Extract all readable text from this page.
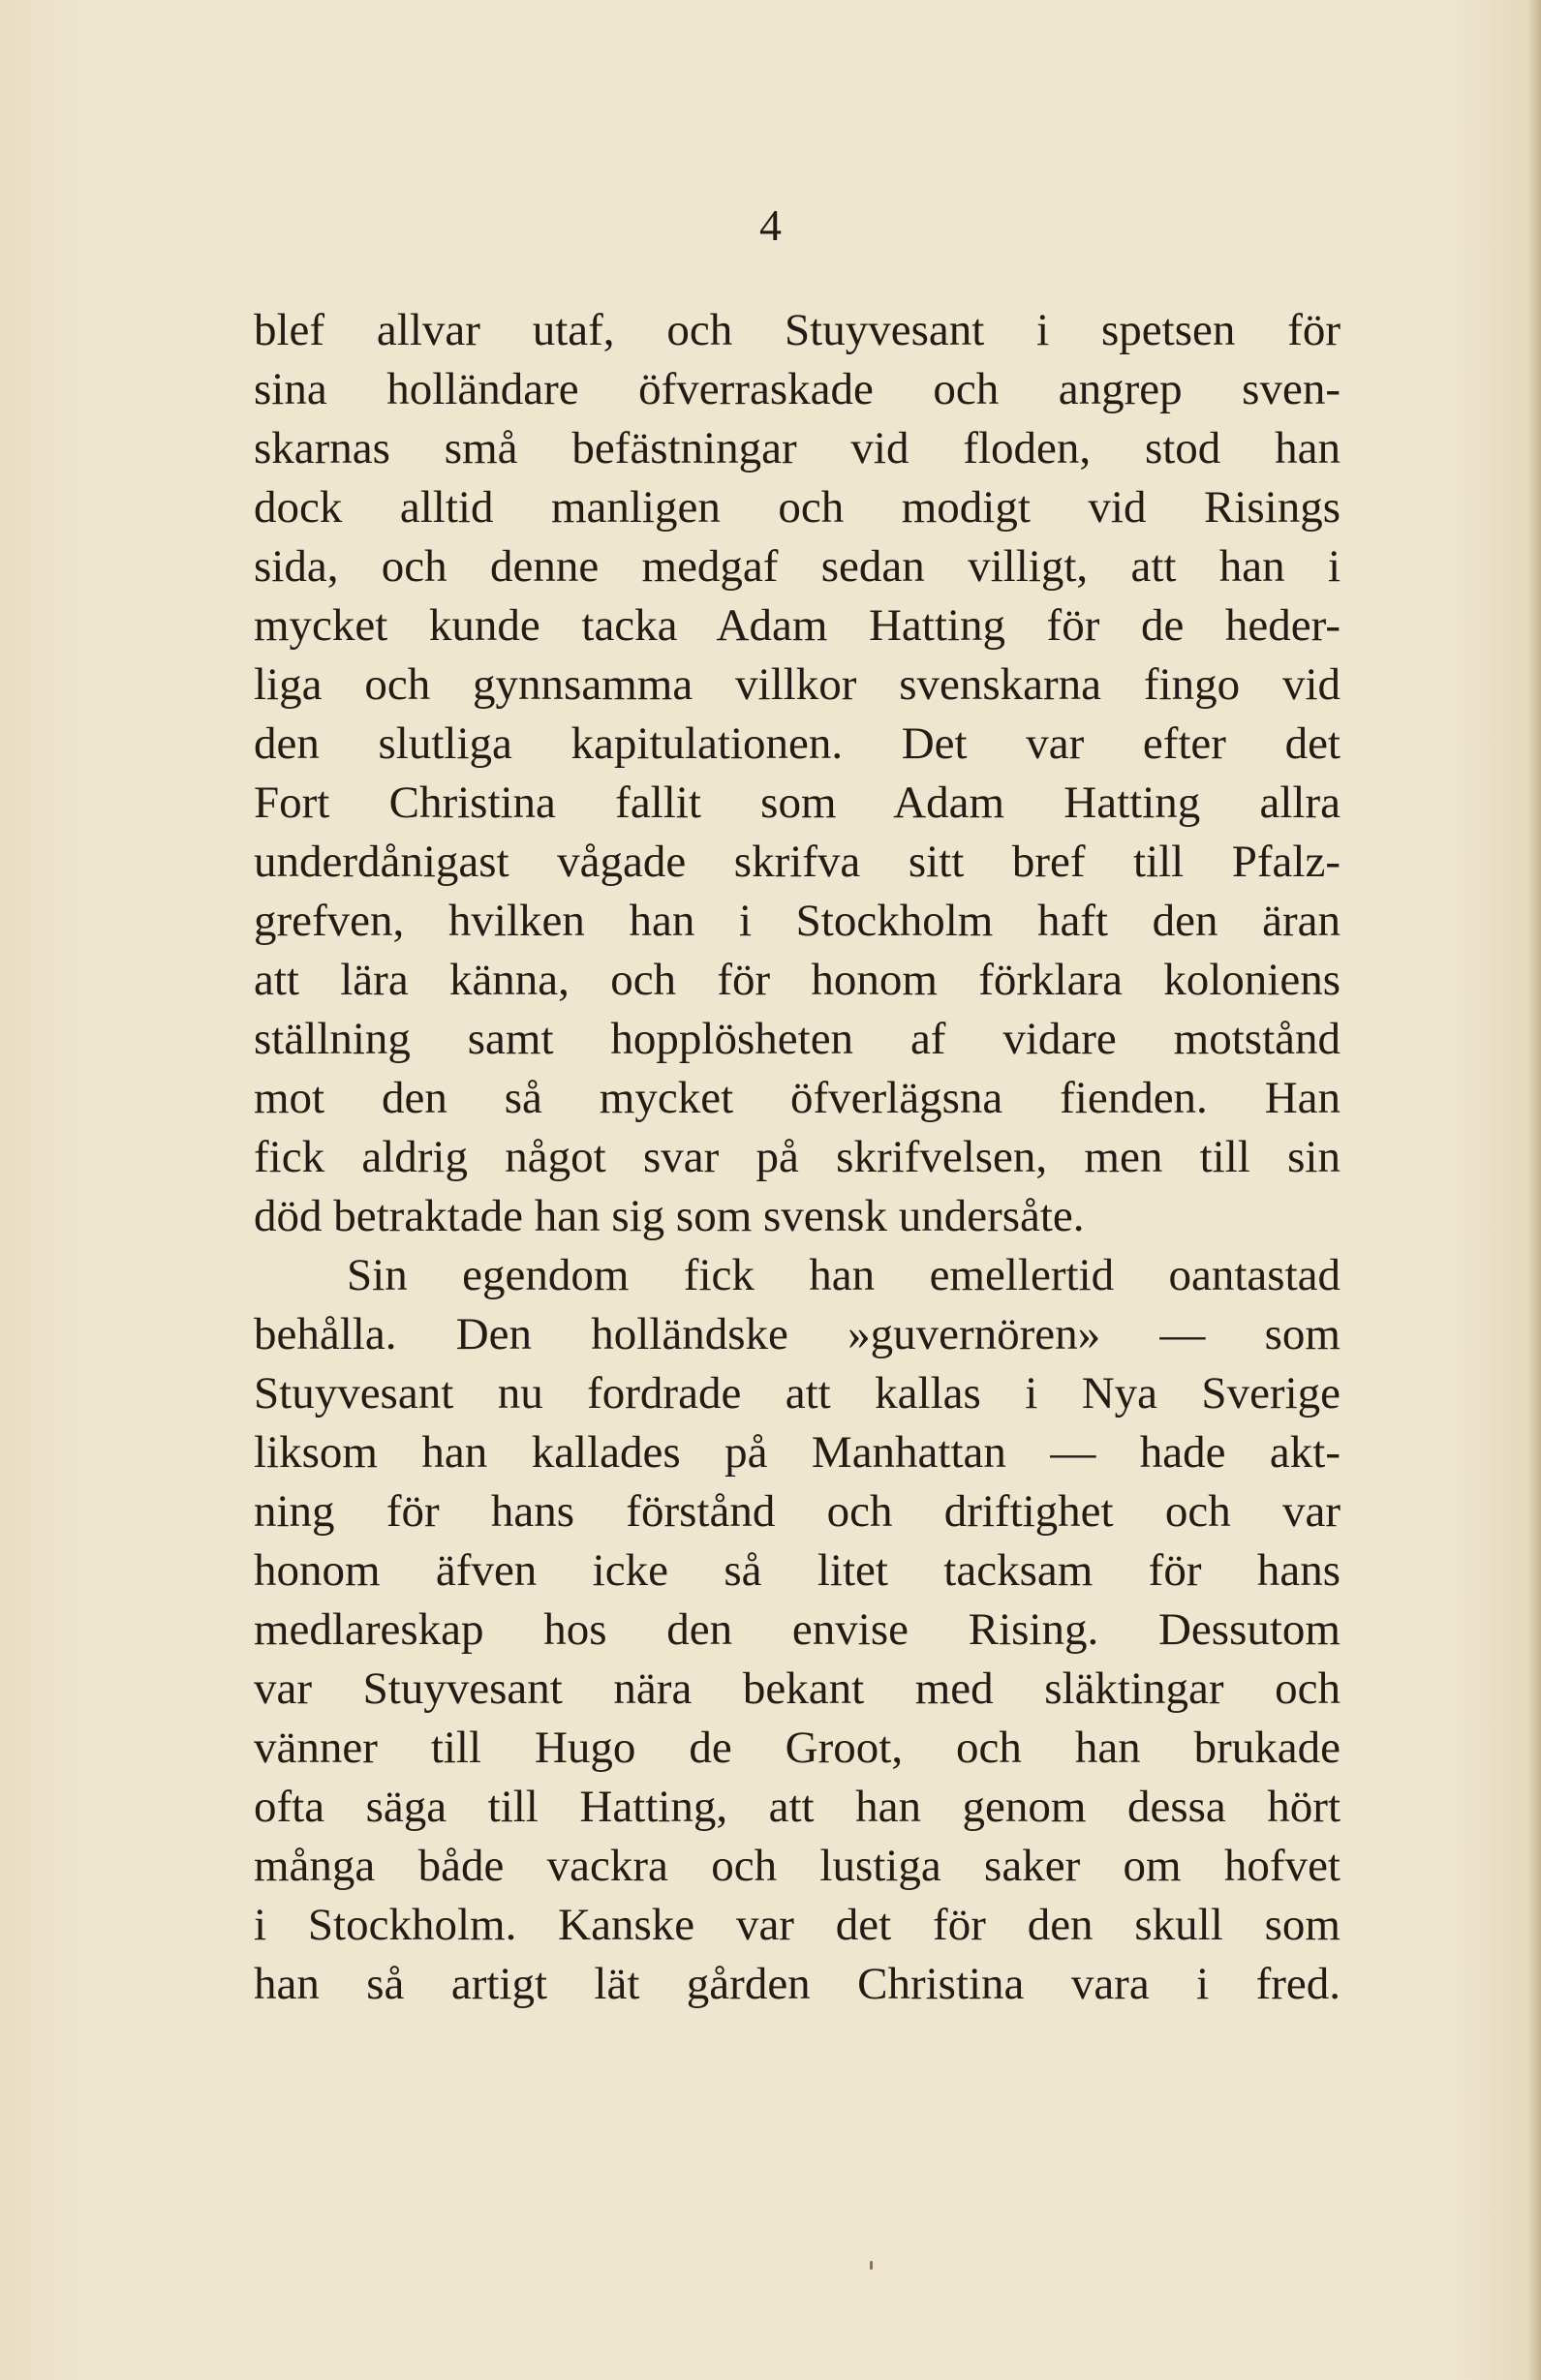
4
blef allvar utaf, och Stuyvesant i spetsen för
sina holländare öfverraskade och angrep sven-
skarnas små befästningar vid floden, stod han
dock alltid manligen och modigt vid Risings
sida, och denne medgaf sedan villigt, att han i
mycket kunde tacka Adam Hatting för de heder-
liga och gynnsamma villkor svenskarna fingo vid
den slutliga kapitulationen. Det var efter det
Fort Christina fallit som Adam Hatting allra
underdånigast vågade skrifva sitt bref till Pfalz-
grefven, hvilken han i Stockholm haft den äran
att lära känna, och för honom förklara koloniens
ställning samt hopplösheten af vidare motstånd
mot den så mycket öfverlägsna fienden. Han
fick aldrig något svar på skrifvelsen, men till sin
död betraktade han sig som svensk undersåte.
Sin egendom fick han emellertid oantastad
behålla. Den holländske »guvernören» — som
Stuyvesant nu fordrade att kallas i Nya Sverige
liksom han kallades på Manhattan — hade akt-
ning för hans förstånd och driftighet och var
honom äfven icke så litet tacksam för hans
medlareskap hos den envise Rising. Dessutom
var Stuyvesant nära bekant med släktingar och
vänner till Hugo de Groot, och han brukade
ofta säga till Hatting, att han genom dessa hört
många både vackra och lustiga saker om hofvet
i Stockholm. Kanske var det för den skull som
han så artigt lät gården Christina vara i fred.
